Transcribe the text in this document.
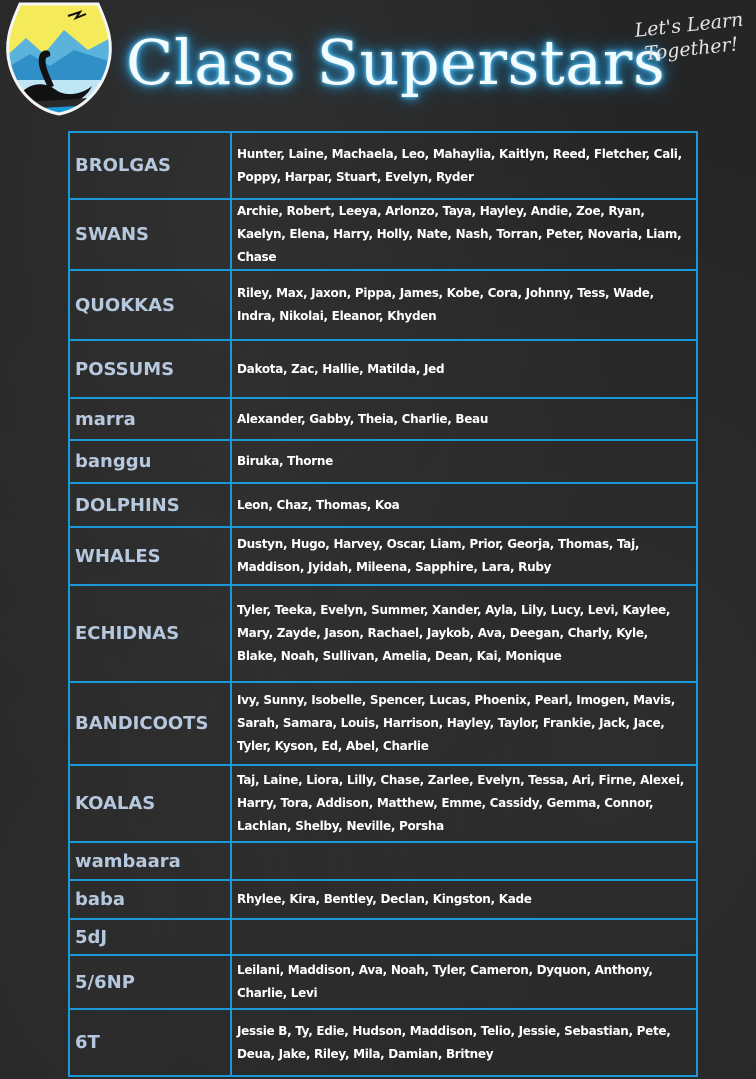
Class Superstars
Let's Learn
Together!
BROLGAS	Hunter, Laine, Machaela, Leo, Mahaylia, Kaitlyn, Reed, Fletcher, Cali, Poppy, Harpar, Stuart, Evelyn, Ryder
SWANS	Archie, Robert, Leeya, Arlonzo, Taya, Hayley, Andie, Zoe, Ryan, Kaelyn, Elena, Harry, Holly, Nate, Nash, Torran, Peter, Novaria, Liam, Chase
QUOKKAS	Riley, Max, Jaxon, Pippa, James, Kobe, Cora, Johnny, Tess, Wade, Indra, Nikolai, Eleanor, Khyden
POSSUMS	Dakota, Zac, Hallie, Matilda, Jed
marra	Alexander, Gabby, Theia, Charlie, Beau
banggu	Biruka, Thorne
DOLPHINS	Leon, Chaz, Thomas, Koa
WHALES	Dustyn, Hugo, Harvey, Oscar, Liam, Prior, Georja, Thomas, Taj, Maddison, Jyidah, Mileena, Sapphire, Lara, Ruby
ECHIDNAS	Tyler, Teeka, Evelyn, Summer, Xander, Ayla, Lily, Lucy, Levi, Kaylee, Mary, Zayde, Jason, Rachael, Jaykob, Ava, Deegan, Charly, Kyle, Blake, Noah, Sullivan, Amelia, Dean, Kai, Monique
BANDICOOTS	Ivy, Sunny, Isobelle, Spencer, Lucas, Phoenix, Pearl, Imogen, Mavis, Sarah, Samara, Louis, Harrison, Hayley, Taylor, Frankie, Jack, Jace, Tyler, Kyson, Ed, Abel, Charlie
KOALAS	Taj, Laine, Liora, Lilly, Chase, Zarlee, Evelyn, Tessa, Ari, Firne, Alexei, Harry, Tora, Addison, Matthew, Emme, Cassidy, Gemma, Connor, Lachlan, Shelby, Neville, Porsha
wambaara	
baba	Rhylee, Kira, Bentley, Declan, Kingston, Kade
5dJ	
5/6NP	Leilani, Maddison, Ava, Noah, Tyler, Cameron, Dyquon, Anthony, Charlie, Levi
6T	Jessie B, Ty, Edie, Hudson, Maddison, Telio, Jessie, Sebastian, Pete, Deua, Jake, Riley, Mila, Damian, Britney
